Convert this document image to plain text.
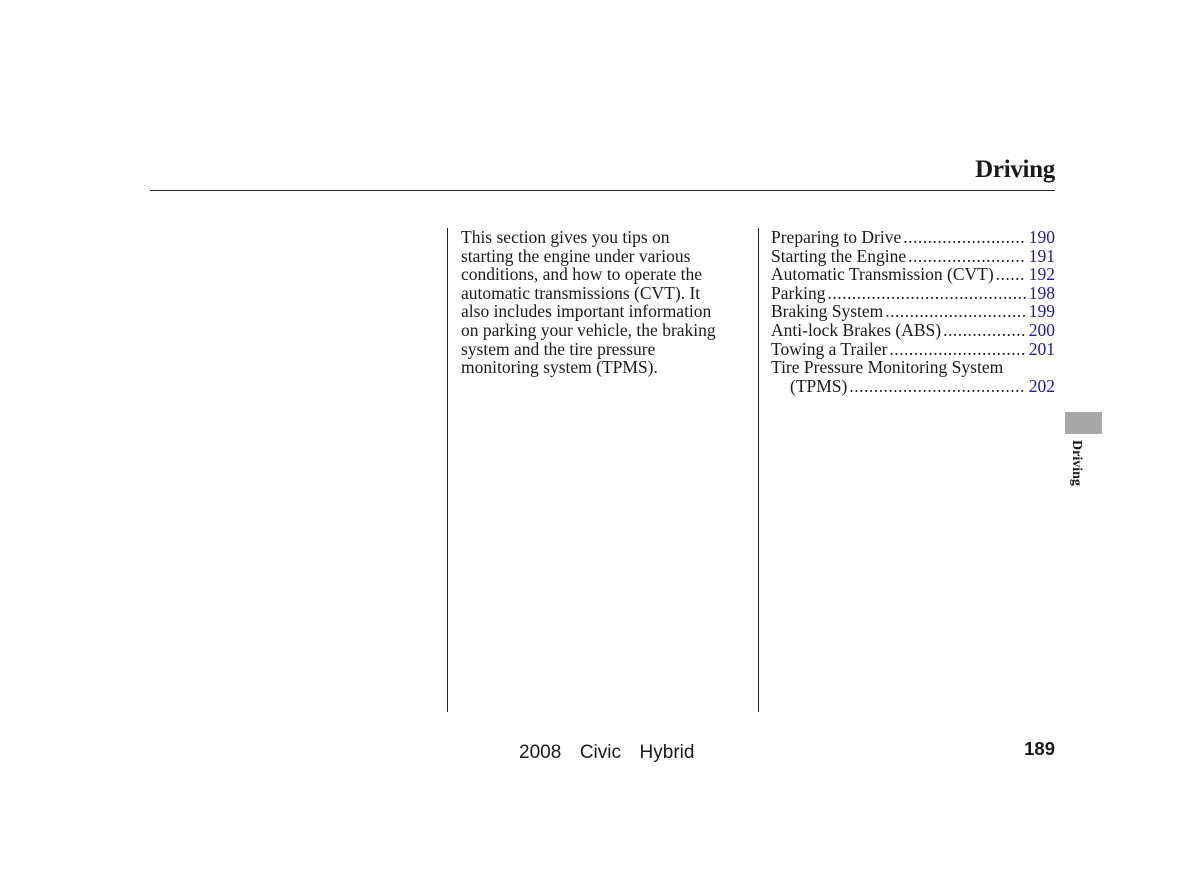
Driving
This section gives you tips on
starting the engine under various
conditions, and how to operate the
automatic transmissions (CVT). It
also includes important information
on parking your vehicle, the braking
system and the tire pressure
monitoring system (TPMS).
Preparing to Drive .....	190
Starting the Engine .....	191
Automatic Transmission (CVT) ..... 192
Parking .....	198
Braking System .....	199
Anti-lock Brakes (ABS) .....	200
Towing a Trailer .....	201
Tire Pressure Monitoring System
(TPMS) .....	202
Driving
2008  Civic  Hybrid	189
